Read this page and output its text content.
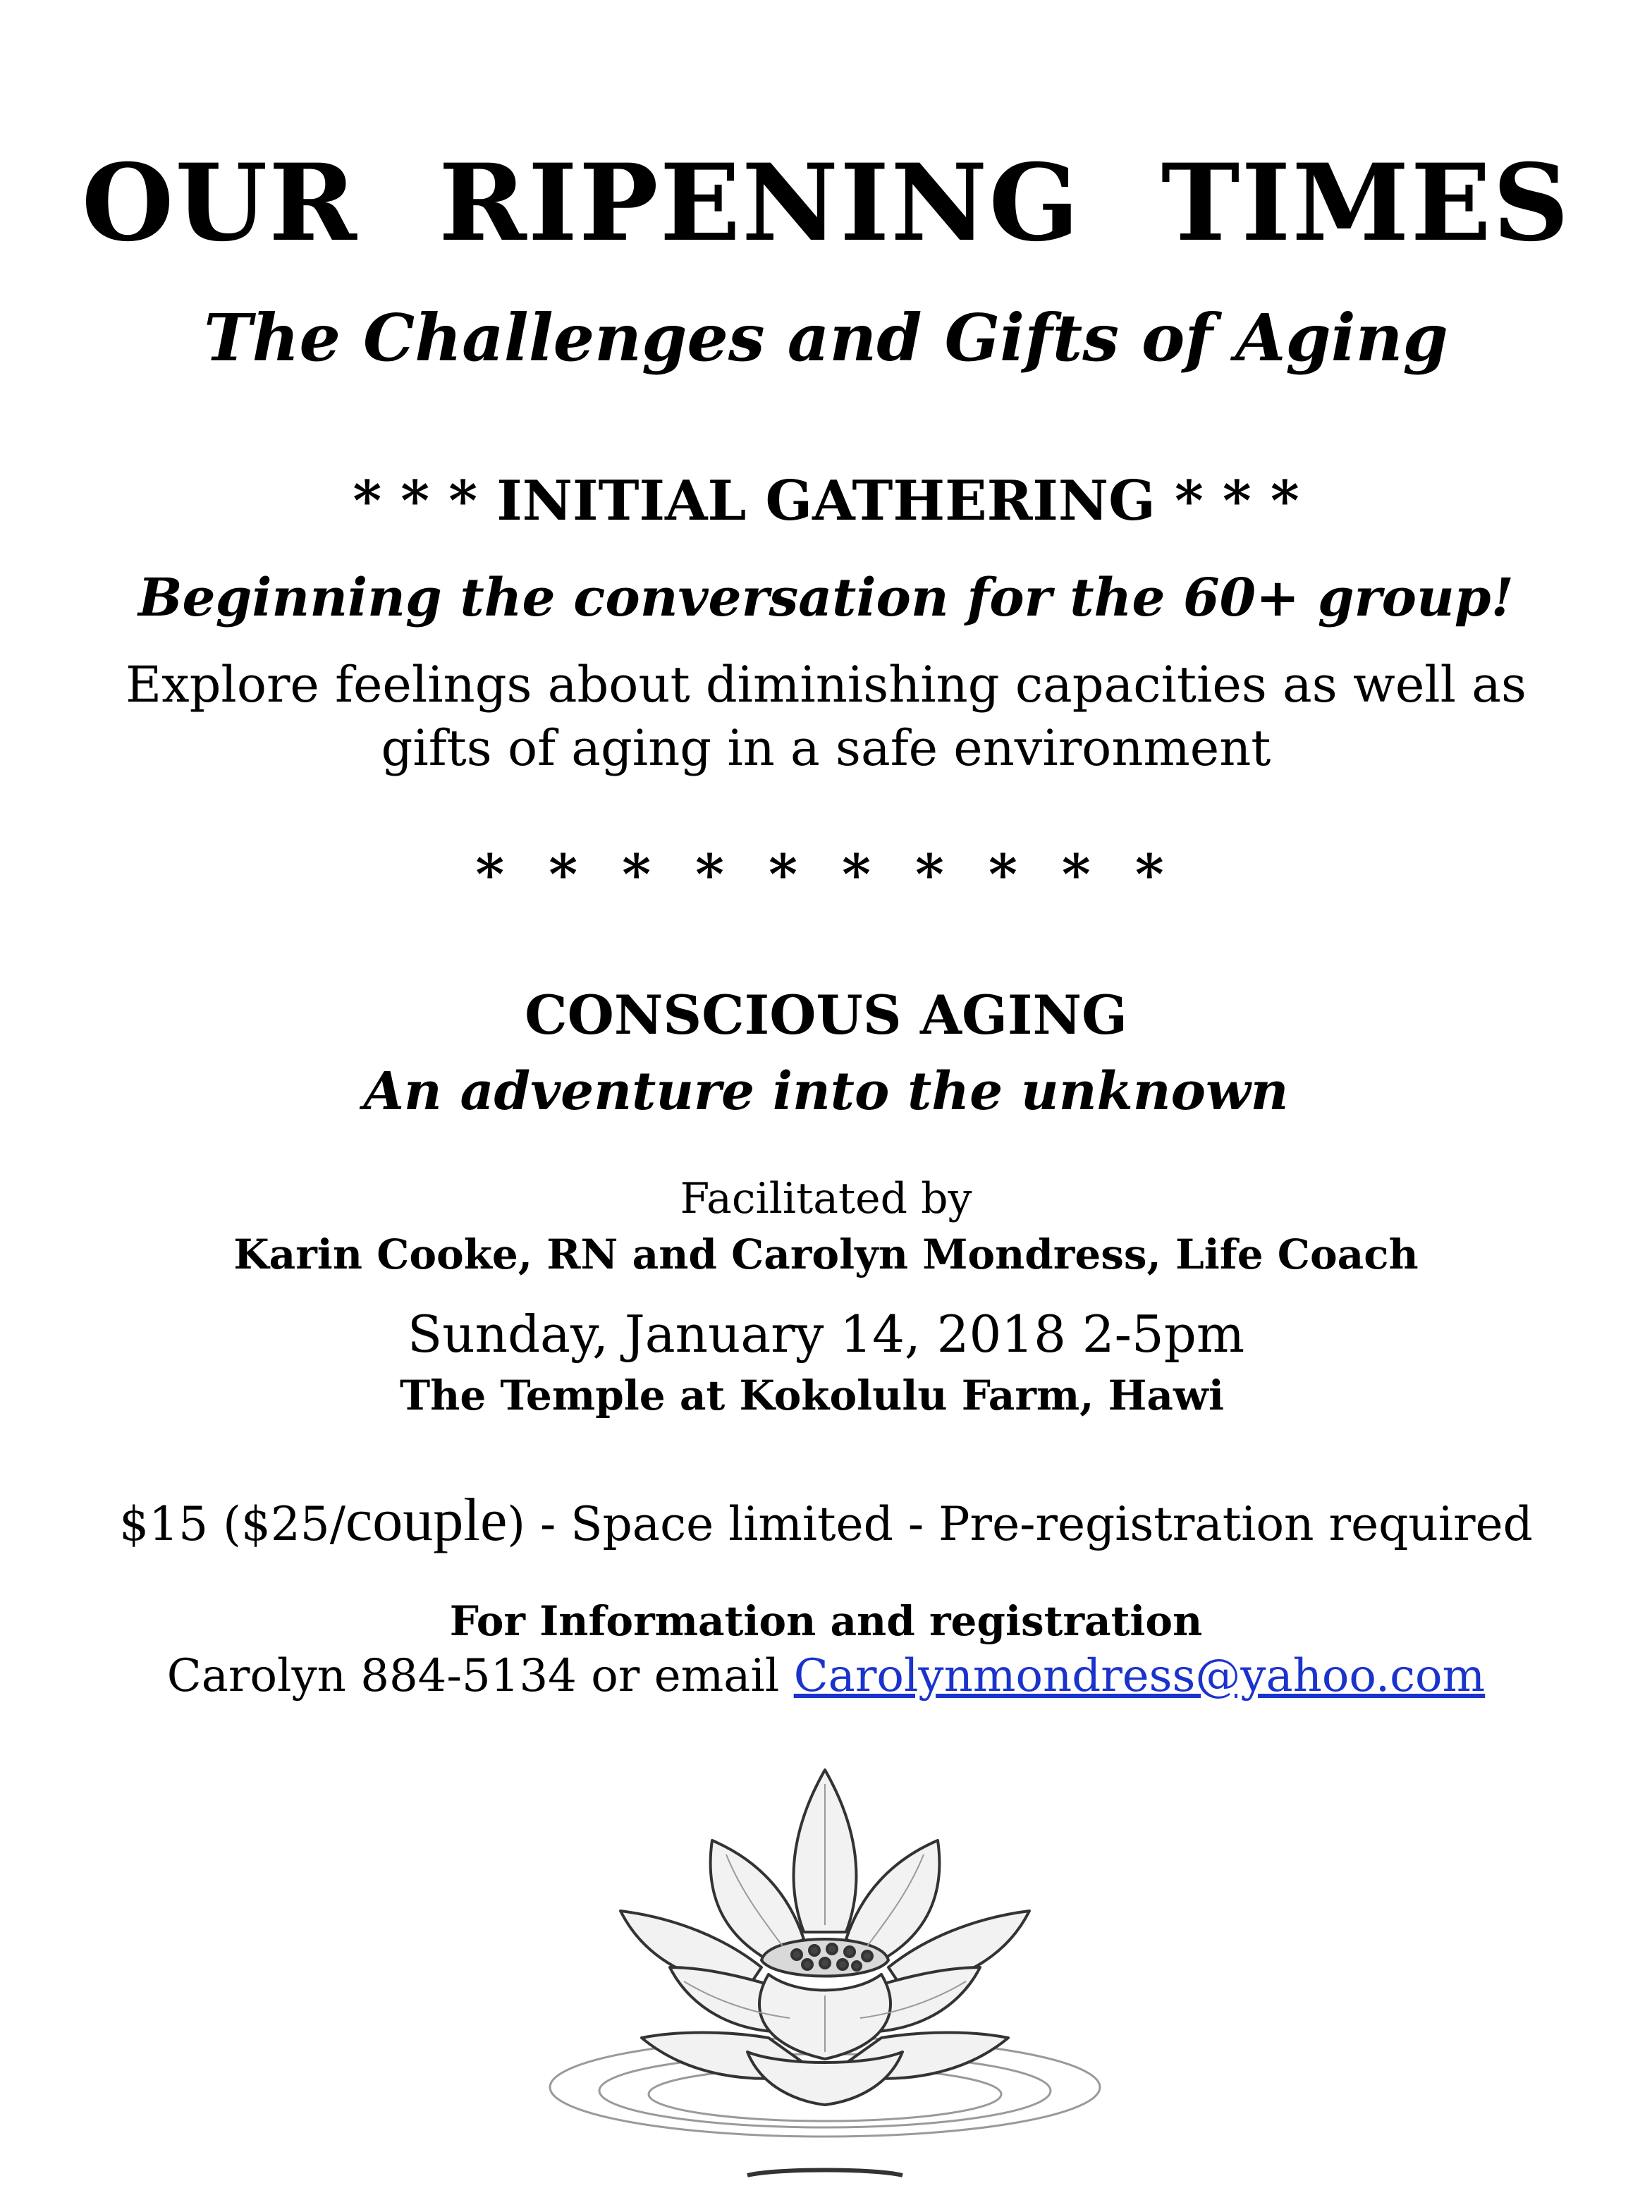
OUR RIPENING TIMES
The Challenges and Gifts of Aging
* * * INITIAL GATHERING * * *
Beginning the conversation for the 60+ group!
Explore feelings about diminishing capacities as well as
gifts of aging in a safe environment
* * * * * * * * * *
CONSCIOUS AGING
An adventure into the unknown
Facilitated by
Karin Cooke, RN and Carolyn Mondress, Life Coach
Sunday, January 14, 2018 2-5pm
The Temple at Kokolulu Farm, Hawi
$15 ($25/couple) - Space limited - Pre-registration required
For Information and registration
Carolyn 884-5134 or email Carolynmondress@yahoo.com
